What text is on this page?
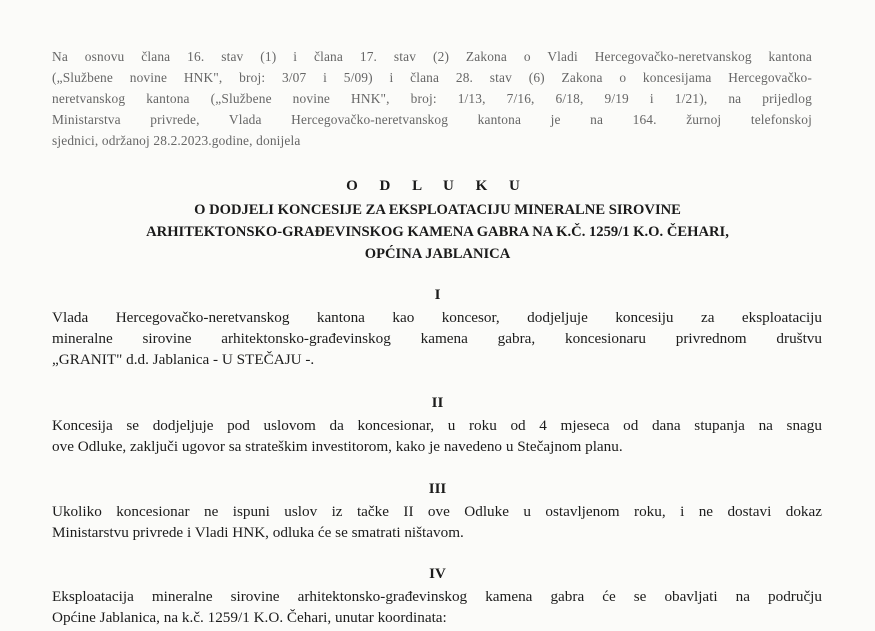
Na osnovu člana 16. stav (1) i člana 17. stav (2) Zakona o Vladi Hercegovačko-neretvanskog kantona
(„Službene novine HNK", broj: 3/07 i 5/09) i člana 28. stav (6) Zakona o koncesijama Hercegovačko-
neretvanskog kantona („Službene novine HNK", broj: 1/13, 7/16, 6/18, 9/19 i 1/21), na prijedlog
Ministarstva privrede, Vlada Hercegovačko-neretvanskog kantona je na 164. žurnoj telefonskoj
sjednici, održanoj 28.2.2023.godine, donijela
O D L U K U
O DODJELI KONCESIJE ZA EKSPLOATACIJU MINERALNE SIROVINE
ARHITEKTONSKO-GRAĐEVINSKOG KAMENA GABRA NA K.Č. 1259/1 K.O. ČEHARI,
OPĆINA JABLANICA
I
Vlada Hercegovačko-neretvanskog kantona kao koncesor, dodjeljuje koncesiju za eksploataciju
mineralne sirovine arhitektonsko-građevinskog kamena gabra, koncesionaru privrednom društvu
„GRANIT" d.d. Jablanica - U STEČAJU -.
II
Koncesija se dodjeljuje pod uslovom da koncesionar, u roku od 4 mjeseca od dana stupanja na snagu
ove Odluke, zaključi ugovor sa strateškim investitorom, kako je navedeno u Stečajnom planu.
III
Ukoliko koncesionar ne ispuni uslov iz tačke II ove Odluke u ostavljenom roku, i ne dostavi dokaz
Ministarstvu privrede i Vladi HNK, odluka će se smatrati ništavom.
IV
Eksploatacija mineralne sirovine arhitektonsko-građevinskog kamena gabra će se obavljati na području
Općine Jablanica, na k.č. 1259/1 K.O. Čehari, unutar koordinata:
